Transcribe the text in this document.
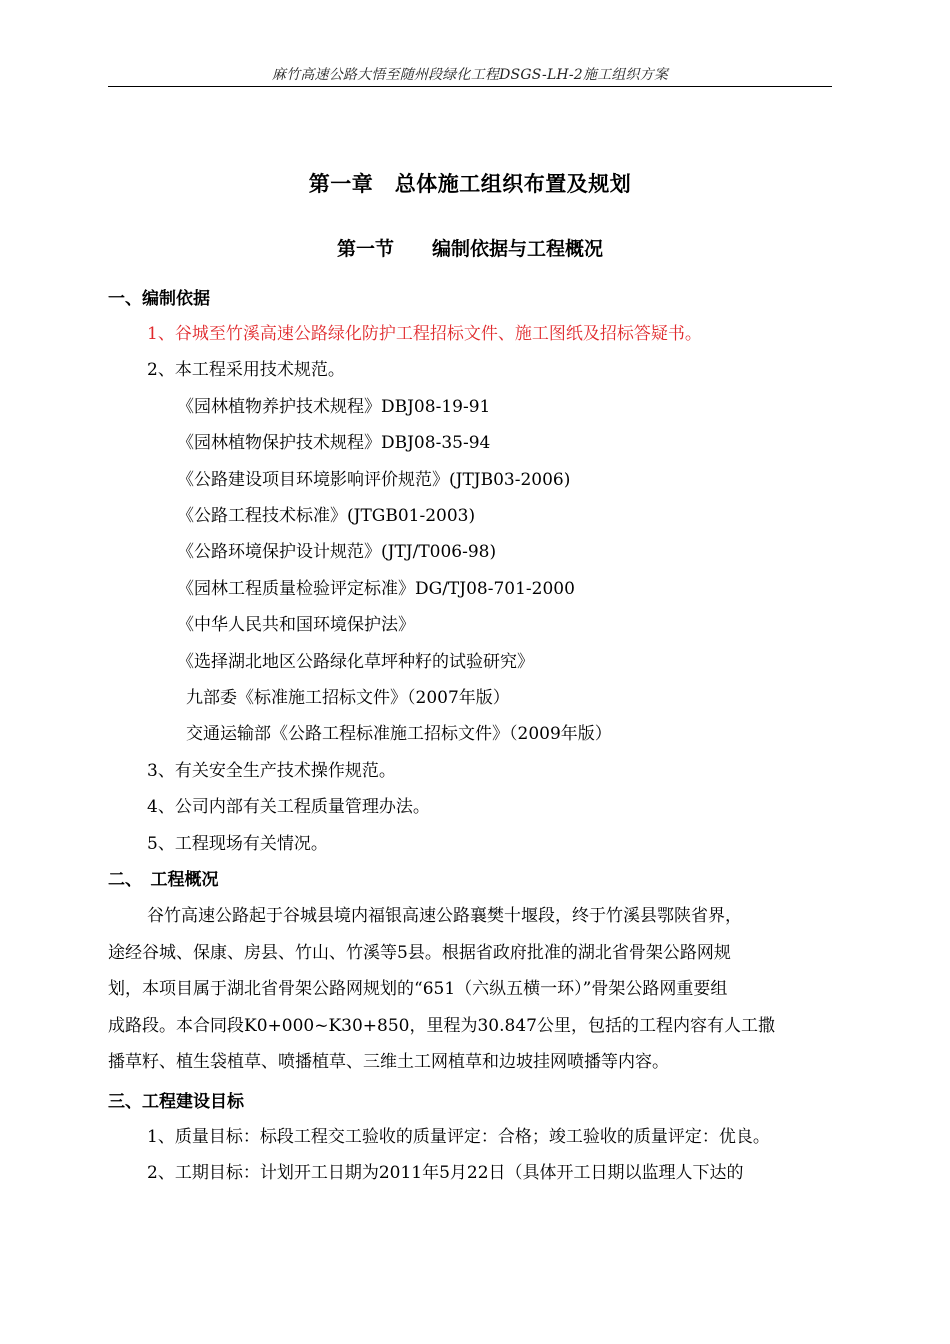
麻竹高速公路大悟至随州段绿化工程DSGS-LH-2施工组织方案
第一章　总体施工组织布置及规划
第一节　　编制依据与工程概况
一、编制依据
1、谷城至竹溪高速公路绿化防护工程招标文件、施工图纸及招标答疑书。
2、本工程采用技术规范。
《园林植物养护技术规程》DBJ08-19-91
《园林植物保护技术规程》DBJ08-35-94
《公路建设项目环境影响评价规范》(JTJB03-2006)
《公路工程技术标准》(JTGB01-2003)
《公路环境保护设计规范》(JTJ/T006-98)
《园林工程质量检验评定标准》DG/TJ08-701-2000
《中华人民共和国环境保护法》
《选择湖北地区公路绿化草坪种籽的试验研究》
九部委《标准施工招标文件》（2007年版）
交通运输部《公路工程标准施工招标文件》（2009年版）
3、有关安全生产技术操作规范。
4、公司内部有关工程质量管理办法。
5、工程现场有关情况。
二、　工程概况
谷竹高速公路起于谷城县境内福银高速公路襄樊十堰段，终于竹溪县鄂陕省界，
途经谷城、保康、房县、竹山、竹溪等5县。根据省政府批准的湖北省骨架公路网规
划，本项目属于湖北省骨架公路网规划的“651（六纵五横一环）”骨架公路网重要组
成路段。本合同段K0+000~K30+850，里程为30.847公里，包括的工程内容有人工撒
播草籽、植生袋植草、喷播植草、三维土工网植草和边坡挂网喷播等内容。
三、工程建设目标
1、质量目标：标段工程交工验收的质量评定：合格；竣工验收的质量评定：优良。
2、工期目标：计划开工日期为2011年5月22日（具体开工日期以监理人下达的
